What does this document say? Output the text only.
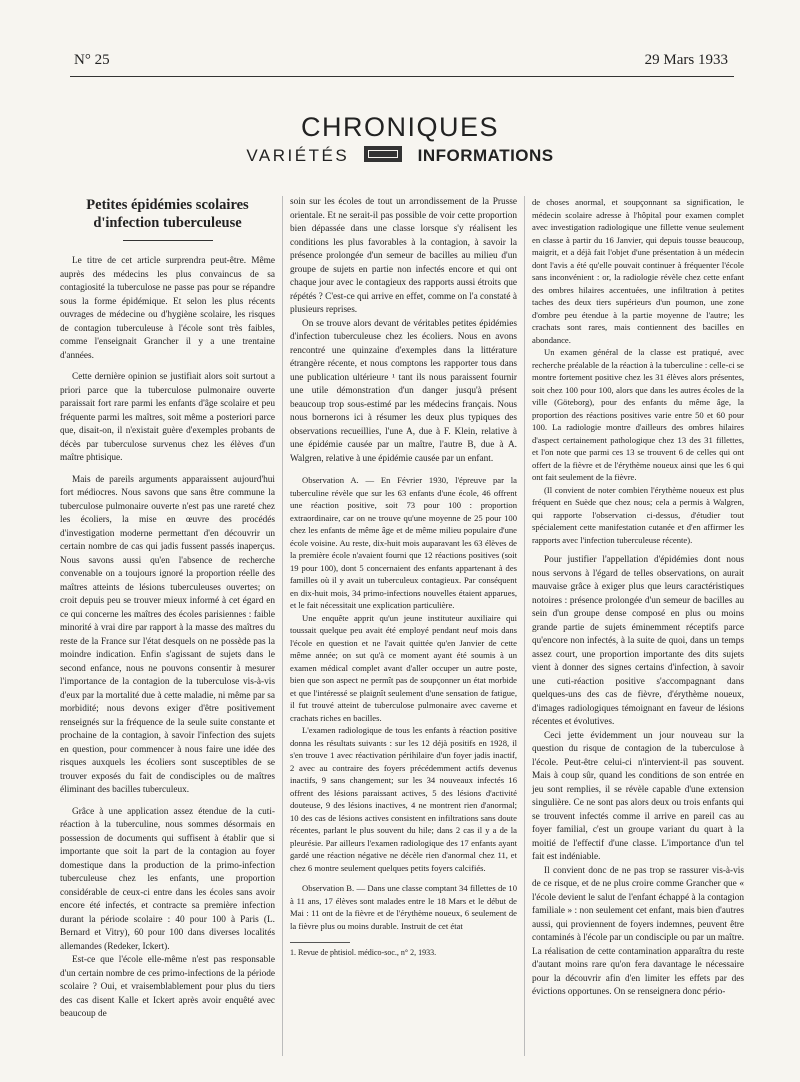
N° 25	29 Mars 1933
CHRONIQUES
VARIÉTÉS	INFORMATIONS

Petites épidémies scolaires
d'infection tuberculeuse

Le titre de cet article surprendra peut-être. Même auprès des médecins les plus convaincus de sa contagiosité la tuberculose ne passe pas pour se répandre sous la forme épidémique. Et selon les plus récents ouvrages de médecine ou d'hygiène scolaire, les risques de contagion tuberculeuse à l'école sont très faibles, comme l'enseignait Grancher il y a une trentaine d'années.

Cette dernière opinion se justifiait alors soit surtout a priori parce que la tuberculose pulmonaire ouverte paraissait fort rare parmi les enfants d'âge scolaire et peu fréquente parmi les maîtres, soit même a posteriori parce que, disait-on, il n'existait guère d'exemples probants de décès par tuberculose survenus chez les élèves d'un maître phtisique.

Mais de pareils arguments apparaissent aujourd'hui fort médiocres. Nous savons que sans être commune la tuberculose pulmonaire ouverte n'est pas une rareté chez les écoliers, la mise en œuvre des procédés d'investigation moderne permettant d'en découvrir un certain nombre de cas qui jadis fussent passés inaperçus. Nous savons aussi qu'en l'absence de recherche convenable on a toujours ignoré la proportion réelle des maîtres atteints de lésions tuberculeuses ouvertes; on croit depuis peu se trouver mieux informé à cet égard en ce qui concerne les maîtres des écoles parisiennes : faible minorité à vrai dire par rapport à la masse des maîtres du reste de la France sur l'état desquels on ne possède pas la moindre indication. Enfin s'agissant de sujets dans le second enfance, nous ne pouvons consentir à mesurer l'importance de la contagion de la tuberculose vis-à-vis d'eux par la mortalité due à cette maladie, ni même par sa morbidité; nous devons exiger d'être positivement renseignés sur la fréquence de la seule suite constante et prochaine de la contagion, à savoir l'infection des sujets en question, pour commencer à nous faire une idée des risques auxquels les écoliers sont susceptibles de se trouver exposés du fait de condisciples ou de maîtres éliminant des bacilles tuberculeux.

Grâce à une application assez étendue de la cuti-réaction à la tuberculine, nous sommes désormais en possession de documents qui suffisent à établir que si importante que soit la part de la contagion au foyer domestique dans la production de la primo-infection tuberculeuse chez les enfants, une proportion considérable de ceux-ci entre dans les écoles sans avoir encore été infectés, et contracte sa première infection durant la période scolaire : 40 pour 100 à Paris (L. Bernard et Vitry), 60 pour 100 dans diverses localités allemandes (Redeker, Ickert).

Est-ce que l'école elle-même n'est pas responsable d'un certain nombre de ces primo-infections de la période scolaire ? Oui, et vraisemblablement pour plus du tiers des cas disent Kalle et Ickert après avoir enquêté avec beaucoup de

soin sur les écoles de tout un arrondissement de la Prusse orientale. Et ne serait-il pas possible de voir cette proportion bien dépassée dans une classe lorsque s'y réalisent les conditions les plus favorables à la contagion, à savoir la présence prolongée d'un semeur de bacilles au milieu d'un groupe de sujets en partie non infectés encore et qui ont chaque jour avec le contagieux des rapports aussi étroits que répétés ? C'est-ce qui arrive en effet, comme on l'a constaté à plusieurs reprises.

On se trouve alors devant de véritables petites épidémies d'infection tuberculeuse chez les écoliers. Nous en avons rencontré une quinzaine d'exemples dans la littérature étrangère récente, et nous comptons les rapporter tous dans une publication ultérieure ¹ tant ils nous paraissent fournir une utile démonstration d'un danger jusqu'à présent beaucoup trop sous-estimé par les médecins français. Nous nous bornerons ici à résumer les deux plus typiques des observations recueillies, l'une A, due à F. Klein, relative à une épidémie causée par un maître, l'autre B, due à A. Walgren, relative à une épidémie causée par un enfant.

Observation A. — En Février 1930, l'épreuve par la tuberculine révèle que sur les 63 enfants d'une école, 46 offrent une réaction positive, soit 73 pour 100 : proportion extraordinaire, car on ne trouve qu'une moyenne de 25 pour 100 chez les enfants de même âge et de même milieu populaire d'une école voisine. Au reste, dix-huit mois auparavant les 63 élèves de la première école n'avaient fourni que 12 réactions positives (soit 19 pour 100), dont 5 concernaient des enfants appartenant à des familles où il y avait un tuberculeux contagieux. Par conséquent en dix-huit mois, 34 primo-infections nouvelles étaient apparues, et le fait nécessitait une explication particulière.

Une enquête apprit qu'un jeune instituteur auxiliaire qui toussait quelque peu avait été employé pendant neuf mois dans l'école en question et ne l'avait quittée qu'en Janvier de cette même année; on sut qu'à ce moment ayant été soumis à un examen médical complet avant d'aller occuper un autre poste, bien que son aspect ne permît pas de soupçonner un état morbide et que l'intéressé se plaignît seulement d'une sensation de fatigue, il fut trouvé atteint de tuberculose pulmonaire avec caverne et crachats riches en bacilles.

L'examen radiologique de tous les enfants à réaction positive donna les résultats suivants : sur les 12 déjà positifs en 1928, il s'en trouve 1 avec réactivation périhilaire d'un foyer jadis inactif, 2 avec au contraire des foyers précédemment actifs devenus inactifs, 9 sans changement; sur les 34 nouveaux infectés 16 offrent des lésions paraissant actives, 5 des lésions d'activité douteuse, 9 des lésions inactives, 4 ne montrent rien d'anormal; 10 des cas de lésions actives consistent en infiltrations sans doute récentes, parlant le plus souvent du hile; dans 2 cas il y a de la pleurésie. Par ailleurs l'examen radiologique des 17 enfants ayant gardé une réaction négative ne décèle rien d'anormal chez 11, et chez 6 montre seulement quelques petits foyers calcifiés.

Observation B. — Dans une classe comptant 34 fillettes de 10 à 11 ans, 17 élèves sont malades entre le 18 Mars et le début de Mai : 11 ont de la fièvre et de l'érythème noueux, 6 seulement de la fièvre plus ou moins durable. Instruit de cet état

1. Revue de phtisiol. médico-soc., n° 2, 1933.

de choses anormal, et soupçonnant sa signification, le médecin scolaire adresse à l'hôpital pour examen complet avec investigation radiologique une fillette venue seulement en classe à partir du 16 Janvier, qui depuis tousse beaucoup, maigrit, et a déjà fait l'objet d'une présentation à un médecin dont l'avis a été qu'elle pouvait continuer à fréquenter l'école sans inconvénient : or, la radiologie révèle chez cette enfant des ombres hilaires accentuées, une infiltration à petites taches des deux tiers supérieurs d'un poumon, une zone d'ombre peu étendue à la partie moyenne de l'autre; les crachats sont rares, mais contiennent des bacilles en abondance.

Un examen général de la classe est pratiqué, avec recherche préalable de la réaction à la tuberculine : celle-ci se montre fortement positive chez les 31 élèves alors présentes, soit chez 100 pour 100, alors que dans les autres écoles de la ville (Göteborg), pour des enfants du même âge, la proportion des réactions positives varie entre 50 et 60 pour 100. La radiologie montre d'ailleurs des ombres hilaires d'aspect certainement pathologique chez 13 des 31 fillettes, et l'on note que parmi ces 13 se trouvent 6 de celles qui ont offert de la fièvre et de l'érythème noueux ainsi que les 6 qui ont fait seulement de la fièvre.

(Il convient de noter combien l'érythème noueux est plus fréquent en Suède que chez nous; cela a permis à Walgren, qui rapporte l'observation ci-dessus, d'étudier tout spécialement cette manifestation cutanée et d'en affirmer les rapports avec l'infection tuberculeuse récente).

Pour justifier l'appellation d'épidémies dont nous nous servons à l'égard de telles observations, on aurait mauvaise grâce à exiger plus que leurs caractéristiques notoires : présence prolongée d'un semeur de bacilles au sein d'un groupe dense composé en plus ou moins grande partie de sujets éminemment réceptifs parce qu'encore non infectés, à la suite de quoi, dans un temps assez court, une proportion importante des dits sujets vient à donner des signes certains d'infection, à savoir une cuti-réaction positive s'accompagnant dans quelques-uns des cas de fièvre, d'érythème noueux, d'images radiologiques témoignant en faveur de lésions récentes et évolutives.

Ceci jette évidemment un jour nouveau sur la question du risque de contagion de la tuberculose à l'école. Peut-être celui-ci n'intervient-il pas souvent. Mais à coup sûr, quand les conditions de son entrée en jeu sont remplies, il se révèle capable d'une extension singulière. Ce ne sont pas alors deux ou trois enfants qui se trouvent infectés comme il arrive en pareil cas au foyer familial, c'est un groupe variant du quart à la moitié de l'effectif d'une classe. L'importance d'un tel fait est indéniable.

Il convient donc de ne pas trop se rassurer vis-à-vis de ce risque, et de ne plus croire comme Grancher que « l'école devient le salut de l'enfant échappé à la contagion familiale » : non seulement cet enfant, mais bien d'autres aussi, qui proviennent de foyers indemnes, peuvent être contaminés à l'école par un condisciple ou par un maître. La réalisation de cette contamination apparaîtra du reste d'autant moins rare qu'on fera davantage le nécessaire pour la découvrir afin d'en limiter les effets par des évictions opportunes. On se renseignera donc pério-
